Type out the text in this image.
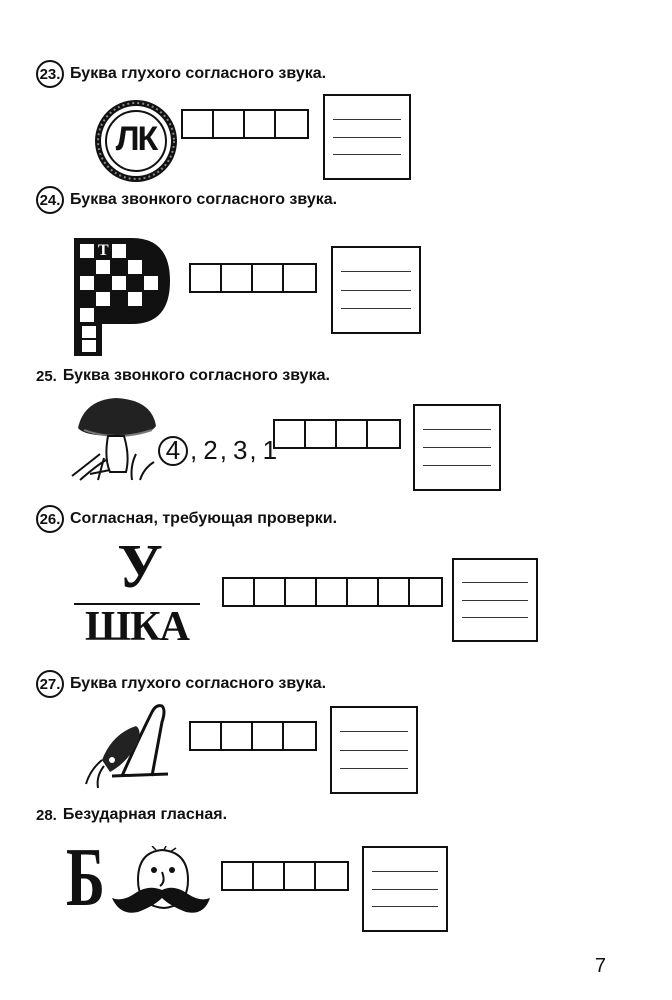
23. Буква глухого согласного звука.
ЛК
24. Буква звонкого согласного звука.
Т
т
25. Буква звонкого согласного звука.
4 , 2 , 3 , 1
26. Согласная, требующая проверки.
У
ШКА
27. Буква глухого согласного звука.
28. Безударная гласная.
Б
7
